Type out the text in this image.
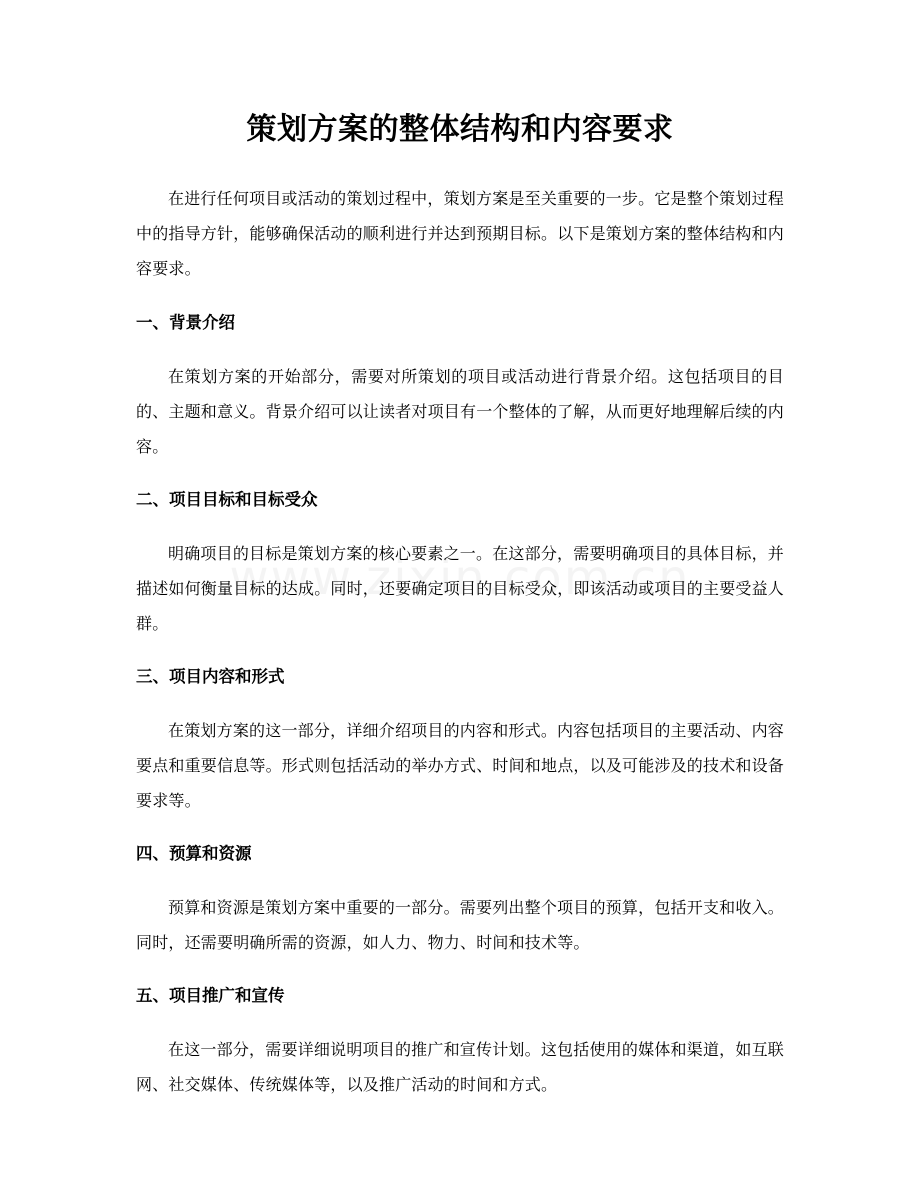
策划方案的整体结构和内容要求

在进行任何项目或活动的策划过程中，策划方案是至关重要的一步。它是整个策划过程中的指导方针，能够确保活动的顺利进行并达到预期目标。以下是策划方案的整体结构和内容要求。

一、背景介绍

在策划方案的开始部分，需要对所策划的项目或活动进行背景介绍。这包括项目的目的、主题和意义。背景介绍可以让读者对项目有一个整体的了解，从而更好地理解后续的内容。

二、项目目标和目标受众

明确项目的目标是策划方案的核心要素之一。在这部分，需要明确项目的具体目标，并描述如何衡量目标的达成。同时，还要确定项目的目标受众，即该活动或项目的主要受益人群。

三、项目内容和形式

在策划方案的这一部分，详细介绍项目的内容和形式。内容包括项目的主要活动、内容要点和重要信息等。形式则包括活动的举办方式、时间和地点，以及可能涉及的技术和设备要求等。

四、预算和资源

预算和资源是策划方案中重要的一部分。需要列出整个项目的预算，包括开支和收入。同时，还需要明确所需的资源，如人力、物力、时间和技术等。

五、项目推广和宣传

在这一部分，需要详细说明项目的推广和宣传计划。这包括使用的媒体和渠道，如互联网、社交媒体、传统媒体等，以及推广活动的时间和方式。
